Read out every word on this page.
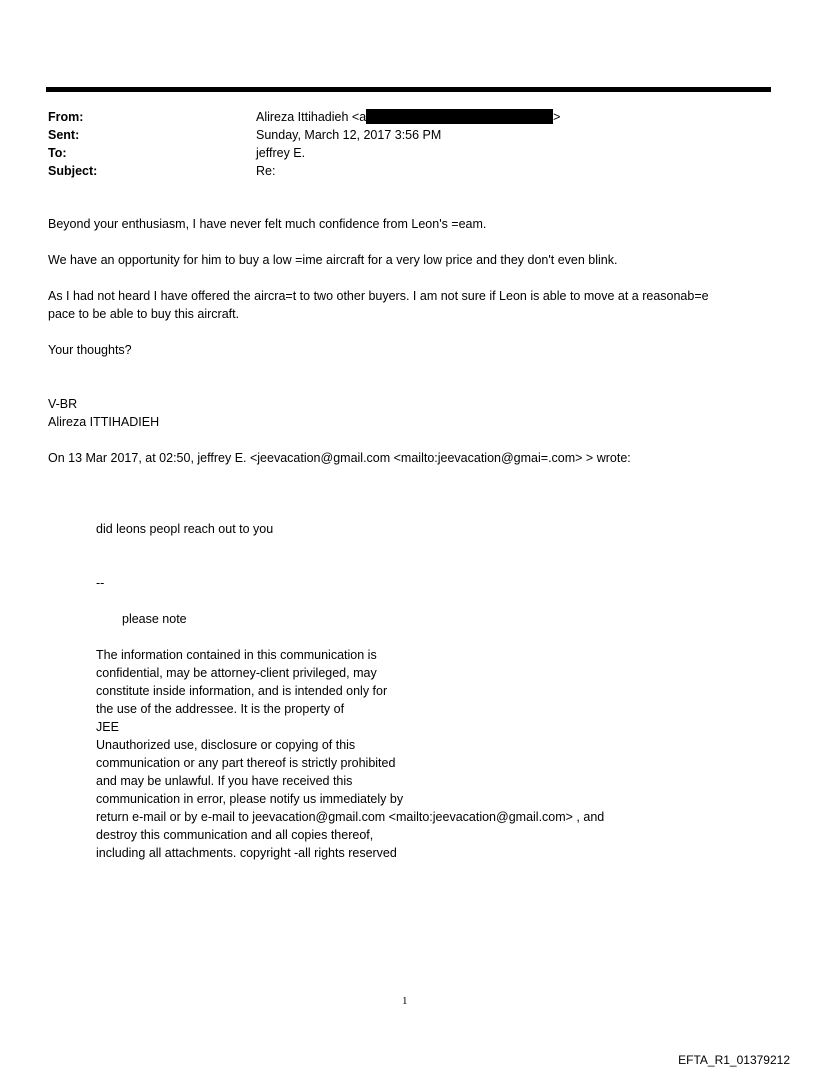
From:	Alireza Ittihadieh <a	>
Sent:	Sunday, March 12, 2017 3:56 PM
To:	jeffrey E.
Subject:	Re:
Beyond your enthusiasm, I have never felt much confidence from Leon's =eam.
We have an opportunity for him to buy a low =ime aircraft for a very low price and they don't even blink.
As I had not heard I have offered the aircra=t to two other buyers. I am not sure if Leon is able to move at a reasonab=e
pace to be able to buy this aircraft.
Your thoughts?
V-BR
Alireza ITTIHADIEH
On 13 Mar 2017, at 02:50, jeffrey E. <jeevacation@gmail.com <mailto:jeevacation@gmai=.com> > wrote:
did leons peopl reach out to you
--
please note
The information contained in this communication is
confidential, may be attorney-client privileged, may
constitute inside information, and is intended only for
the use of the addressee. It is the property of
JEE
Unauthorized use, disclosure or copying of this
communication or any part thereof is strictly prohibited
and may be unlawful. If you have received this
communication in error, please notify us immediately by
return e-mail or by e-mail to jeevacation@gmail.com <mailto:jeevacation@gmail.com> , and
destroy this communication and all copies thereof,
including all attachments. copyright -all rights reserved
1
EFTA_R1_01379212
